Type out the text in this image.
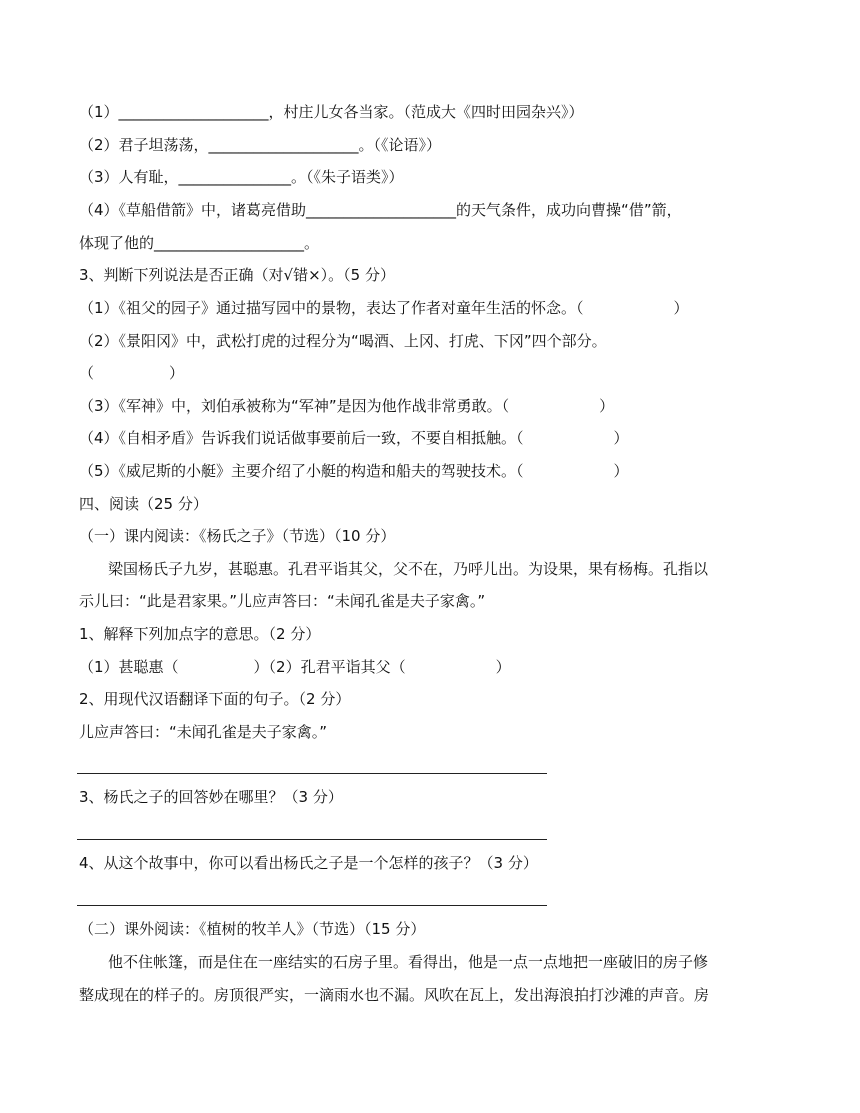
（1）____________________，村庄儿女各当家。（范成大《四时田园杂兴》）
（2）君子坦荡荡，____________________。（《论语》）
（3）人有耻，_______________。（《朱子语类》）
（4）《草船借箭》中，诸葛亮借助____________________的天气条件，成功向曹操“借”箭，
体现了他的____________________。
3、判断下列说法是否正确（对√错×）。（5 分）
（1）《祖父的园子》通过描写园中的景物，表达了作者对童年生活的怀念。（　　　　　　）
（2）《景阳冈》中，武松打虎的过程分为“喝酒、上冈、打虎、下冈”四个部分。
（　　　　　）
（3）《军神》中，刘伯承被称为“军神”是因为他作战非常勇敢。（　　　　　　）
（4）《自相矛盾》告诉我们说话做事要前后一致，不要自相抵触。（　　　　　　）
（5）《威尼斯的小艇》主要介绍了小艇的构造和船夫的驾驶技术。（　　　　　　）
四、阅读（25 分）
（一）课内阅读：《杨氏之子》（节选）（10 分）
梁国杨氏子九岁，甚聪惠。孔君平诣其父，父不在，乃呼儿出。为设果，果有杨梅。孔指以
示儿曰：“此是君家果。”儿应声答曰：“未闻孔雀是夫子家禽。”
1、解释下列加点字的意思。（2 分）
（1）甚聪惠（　　　　　）（2）孔君平诣其父（　　　　　　）
2、用现代汉语翻译下面的句子。（2 分）
儿应声答曰：“未闻孔雀是夫子家禽。”
3、杨氏之子的回答妙在哪里？（3 分）
4、从这个故事中，你可以看出杨氏之子是一个怎样的孩子？（3 分）
（二）课外阅读：《植树的牧羊人》（节选）（15 分）
他不住帐篷，而是住在一座结实的石房子里。看得出，他是一点一点地把一座破旧的房子修
整成现在的样子的。房顶很严实，一滴雨水也不漏。风吹在瓦上，发出海浪拍打沙滩的声音。房
